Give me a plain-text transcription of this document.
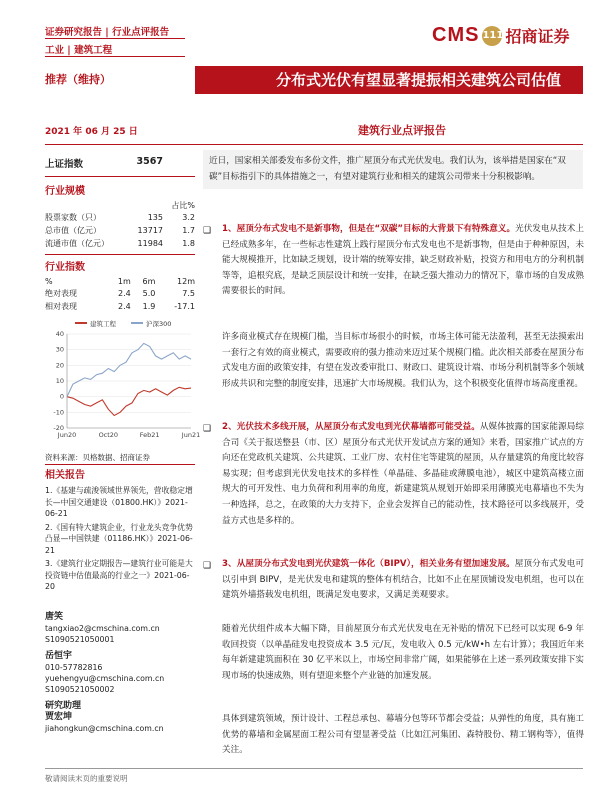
证券研究报告 | 行业点评报告
工业 | 建筑工程
CMS 111 招商证券
推荐（维持）	分布式光伏有望显著提振相关建筑公司估值
2021 年 06 月 25 日	建筑行业点评报告
上证指数	3567
行业规模
占比%
股票家数（只）	135	3.2
总市值（亿元）	13717	1.7
流通市值（亿元）	11984	1.8
行业指数
%	1m	6m	12m
绝对表现	2.4	5.0	7.5
相对表现	2.4	1.9	-17.1
建筑工程	沪深300
40
30
20
10
0
-10
-20
Jun20	Oct20	Feb21	Jun21
资料来源：贝格数据、招商证券
相关报告
1.《基建与疏浚领域世界领先，营收稳定增长—中国交通建设（01800.HK）》2021-06-21
2.《国有特大建筑企业，行业龙头竞争优势凸显—中国铁建（01186.HK）》2021-06-21
3.《建筑行业定期报告—建筑行业可能是大投资链中估值最高的行业之一》2021-06-20
唐笑
tangxiao2@cmschina.com.cn
S1090521050001
岳恒宇
010-57782816
yuehengyu@cmschina.com.cn
S1090521050002
研究助理
贾宏坤
jiahongkun@cmschina.com.cn
近日，国家相关部委发布多份文件，推广屋顶分布式光伏发电。我们认为，该举措是国家在“双碳”目标指引下的具体措施之一，有望对建筑行业和相关的建筑公司带来十分积极影响。
❑ 1、屋顶分布式发电不是新事物，但是在“双碳”目标的大背景下有特殊意义。光伏发电从技术上已经成熟多年，在一些标志性建筑上践行屋顶分布式发电也不是新事物，但是由于种种原因，未能大规模推开，比如缺乏规划，设计端的统筹安排，缺乏财政补贴，投资方和用电方的分利机制等等，追根究底，是缺乏顶层设计和统一安排，在缺乏强大推动力的情况下，靠市场的自发成熟需要很长的时间。
许多商业模式存在规模门槛，当目标市场很小的时候，市场主体可能无法盈利，甚至无法摸索出一套行之有效的商业模式，需要政府的强力推动来迈过某个规模门槛。此次相关部委在屋顶分布式发电方面的政策安排，有望在发改委审批口、财政口、建筑设计端、市场分利机制等多个领域形成共识和完整的制度安排，迅速扩大市场规模。我们认为，这个积极变化值得市场高度重视。
❑ 2、光伏技术多线开展，从屋顶分布式发电到光伏幕墙都可能受益。从媒体披露的国家能源局综合司《关于报送整县（市、区）屋顶分布式光伏开发试点方案的通知》来看，国家推广试点的方向还在党政机关建筑、公共建筑、工业厂房、农村住宅等建筑的屋顶，从存量建筑的角度比较容易实现；但考虑到光伏发电技术的多样性（单晶硅、多晶硅或薄膜电池），城区中建筑高楼立面规大的可开发性、电力负荷和利用率的角度，新建建筑从规划开始即采用薄膜光电幕墙也不失为一种选择，总之，在政策的大力支持下，企业会发挥自己的能动性，技术路径可以多线展开，受益方式也是多样的。
❑ 3、从屋顶分布式发电到光伏建筑一体化（BIPV），相关业务有望加速发展。屋顶分布式发电可以引申到 BIPV，是光伏发电和建筑的整体有机结合，比如不止在屋顶铺设发电机组，也可以在建筑外墙搭载发电机组，既满足发电要求，又满足美观要求。
随着光伏组件成本大幅下降，目前屋顶分布式光伏发电在无补贴的情况下已经可以实现 6-9 年收回投资（以单晶硅发电投资成本 3.5 元/瓦，发电收入 0.5 元/kW•h 左右计算）；我国近年来每年新建建筑面积在 30 亿平米以上，市场空间非常广阔，如果能够在上述一系列政策安排下实现市场的快速成熟，则有望迎来整个产业链的加速发展。
具体到建筑领域，预计设计、工程总承包、幕墙分包等环节都会受益；从弹性的角度，具有施工优势的幕墙和金属屋面工程公司有望显著受益（比如江河集团、森特股份、精工钢构等），值得关注。
敬请阅读末页的重要说明
